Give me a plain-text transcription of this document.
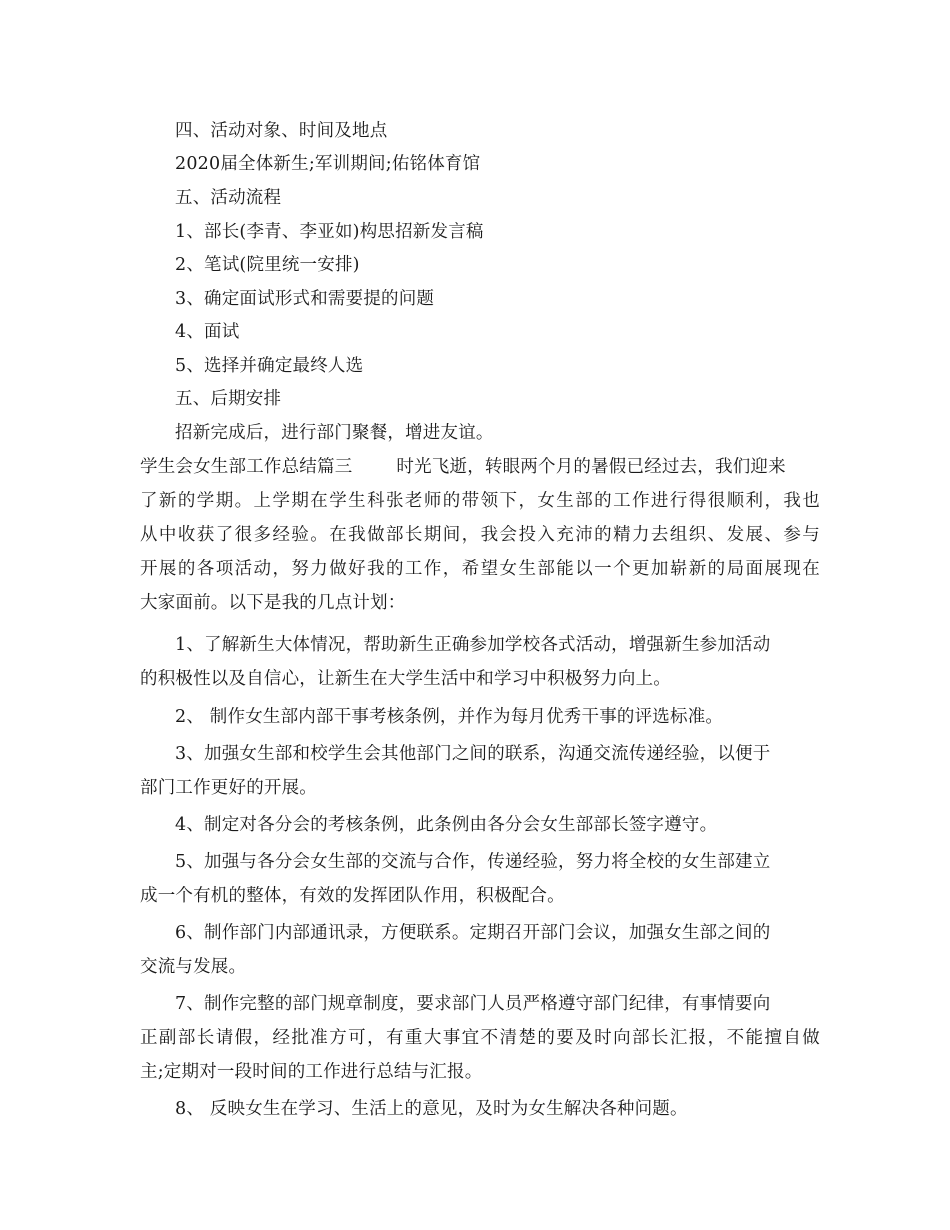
四、活动对象、时间及地点
2020届全体新生;军训期间;佑铭体育馆
五、活动流程
1、部长(李青、李亚如)构思招新发言稿
2、笔试(院里统一安排)
3、确定面试形式和需要提的问题
4、面试
5、选择并确定最终人选
五、后期安排
招新完成后，进行部门聚餐，增进友谊。
学生会女生部工作总结篇三	时光飞逝，转眼两个月的暑假已经过去，我们迎来
了新的学期。上学期在学生科张老师的带领下，女生部的工作进行得很顺利，我也
从中收获了很多经验。在我做部长期间，我会投入充沛的精力去组织、发展、参与
开展的各项活动，努力做好我的工作，希望女生部能以一个更加崭新的局面展现在
大家面前。以下是我的几点计划：
1、了解新生大体情况，帮助新生正确参加学校各式活动，增强新生参加活动
的积极性以及自信心，让新生在大学生活中和学习中积极努力向上。
2、 制作女生部内部干事考核条例，并作为每月优秀干事的评选标准。
3、加强女生部和校学生会其他部门之间的联系，沟通交流传递经验，以便于
部门工作更好的开展。
4、制定对各分会的考核条例，此条例由各分会女生部部长签字遵守。
5、加强与各分会女生部的交流与合作，传递经验，努力将全校的女生部建立
成一个有机的整体，有效的发挥团队作用，积极配合。
6、制作部门内部通讯录，方便联系。定期召开部门会议，加强女生部之间的
交流与发展。
7、制作完整的部门规章制度，要求部门人员严格遵守部门纪律，有事情要向
正副部长请假，经批准方可，有重大事宜不清楚的要及时向部长汇报，不能擅自做
主;定期对一段时间的工作进行总结与汇报。
8、 反映女生在学习、生活上的意见，及时为女生解决各种问题。
